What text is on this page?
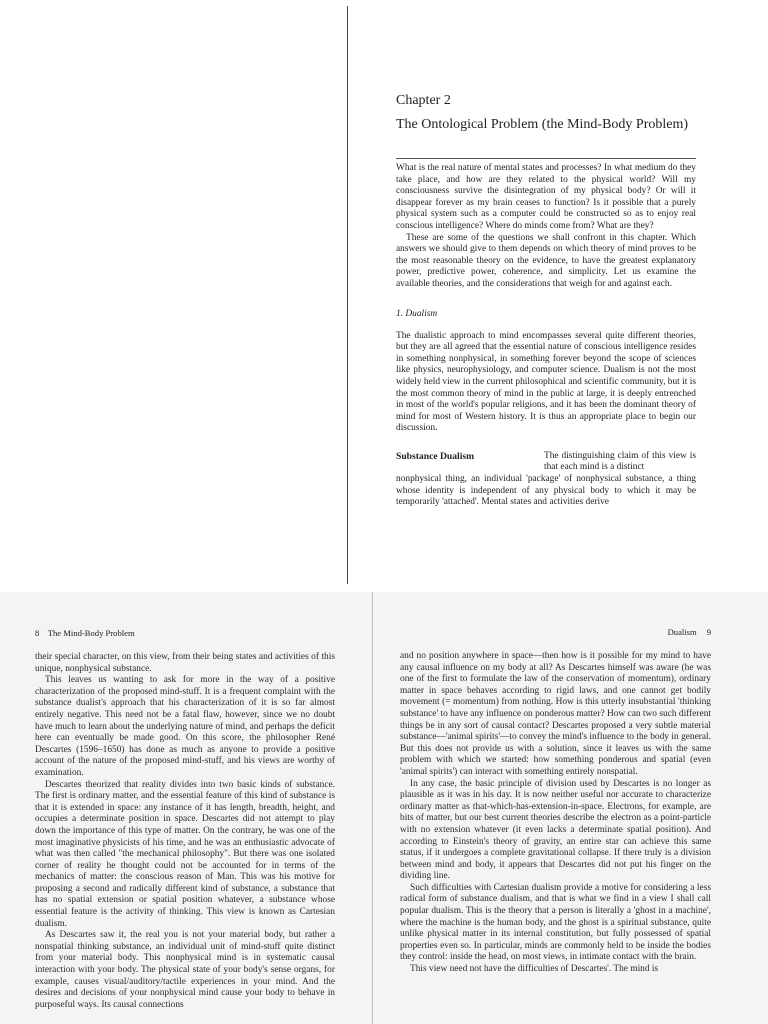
Chapter 2

The Ontological Problem (the Mind-Body Problem)

What is the real nature of mental states and processes? In what medium do they take place, and how are they related to the physical world? Will my consciousness survive the disintegration of my physical body? Or will it disappear forever as my brain ceases to function? Is it possible that a purely physical system such as a computer could be constructed so as to enjoy real conscious intelligence? Where do minds come from? What are they?

These are some of the questions we shall confront in this chapter. Which answers we should give to them depends on which theory of mind proves to be the most reasonable theory on the evidence, to have the greatest explanatory power, predictive power, coherence, and simplicity. Let us examine the available theories, and the considerations that weigh for and against each.

1. Dualism

The dualistic approach to mind encompasses several quite different theories, but they are all agreed that the essential nature of conscious intelligence resides in something nonphysical, in something forever beyond the scope of sciences like physics, neurophysiology, and computer science. Dualism is not the most widely held view in the current philosophical and scientific community, but it is the most common theory of mind in the public at large, it is deeply entrenched in most of the world's popular religions, and it has been the dominant theory of mind for most of Western history. It is thus an appropriate place to begin our discussion.

Substance Dualism	The distinguishing claim of this view is that each mind is a distinct

nonphysical thing, an individual 'package' of nonphysical substance, a thing whose identity is independent of any physical body to which it may be temporarily 'attached'. Mental states and activities derive

8 The Mind-Body Problem

their special character, on this view, from their being states and activities of this unique, nonphysical substance.

This leaves us wanting to ask for more in the way of a positive characterization of the proposed mind-stuff. It is a frequent complaint with the substance dualist's approach that his characterization of it is so far almost entirely negative. This need not be a fatal flaw, however, since we no doubt have much to learn about the underlying nature of mind, and perhaps the deficit here can eventually be made good. On this score, the philosopher René Descartes (1596–1650) has done as much as anyone to provide a positive account of the nature of the proposed mind-stuff, and his views are worthy of examination.

Descartes theorized that reality divides into two basic kinds of substance. The first is ordinary matter, and the essential feature of this kind of substance is that it is extended in space: any instance of it has length, breadth, height, and occupies a determinate position in space. Descartes did not attempt to play down the importance of this type of matter. On the contrary, he was one of the most imaginative physicists of his time, and he was an enthusiastic advocate of what was then called "the mechanical philosophy". But there was one isolated corner of reality he thought could not be accounted for in terms of the mechanics of matter: the conscious reason of Man. This was his motive for proposing a second and radically different kind of substance, a substance that has no spatial extension or spatial position whatever, a substance whose essential feature is the activity of thinking. This view is known as Cartesian dualism.

As Descartes saw it, the real you is not your material body, but rather a nonspatial thinking substance, an individual unit of mind-stuff quite distinct from your material body. This nonphysical mind is in systematic causal interaction with your body. The physical state of your body's sense organs, for example, causes visual/auditory/tactile experiences in your mind. And the desires and decisions of your nonphysical mind cause your body to behave in purposeful ways. Its causal connections

Dualism 9

and no position anywhere in space—then how is it possible for my mind to have any causal influence on my body at all? As Descartes himself was aware (he was one of the first to formulate the law of the conservation of momentum), ordinary matter in space behaves according to rigid laws, and one cannot get bodily movement (= momentum) from nothing. How is this utterly insubstantial 'thinking substance' to have any influence on ponderous matter? How can two such different things be in any sort of causal contact? Descartes proposed a very subtle material substance—'animal spirits'—to convey the mind's influence to the body in general. But this does not provide us with a solution, since it leaves us with the same problem with which we started: how something ponderous and spatial (even 'animal spirits') can interact with something entirely nonspatial.

In any case, the basic principle of division used by Descartes is no longer as plausible as it was in his day. It is now neither useful nor accurate to characterize ordinary matter as that-which-has-extension-in-space. Electrons, for example, are bits of matter, but our best current theories describe the electron as a point-particle with no extension whatever (it even lacks a determinate spatial position). And according to Einstein's theory of gravity, an entire star can achieve this same status, if it undergoes a complete gravitational collapse. If there truly is a division between mind and body, it appears that Descartes did not put his finger on the dividing line.

Such difficulties with Cartesian dualism provide a motive for considering a less radical form of substance dualism, and that is what we find in a view I shall call popular dualism. This is the theory that a person is literally a 'ghost in a machine', where the machine is the human body, and the ghost is a spiritual substance, quite unlike physical matter in its internal constitution, but fully possessed of spatial properties even so. In particular, minds are commonly held to be inside the bodies they control: inside the head, on most views, in intimate contact with the brain.

This view need not have the difficulties of Descartes'. The mind is
